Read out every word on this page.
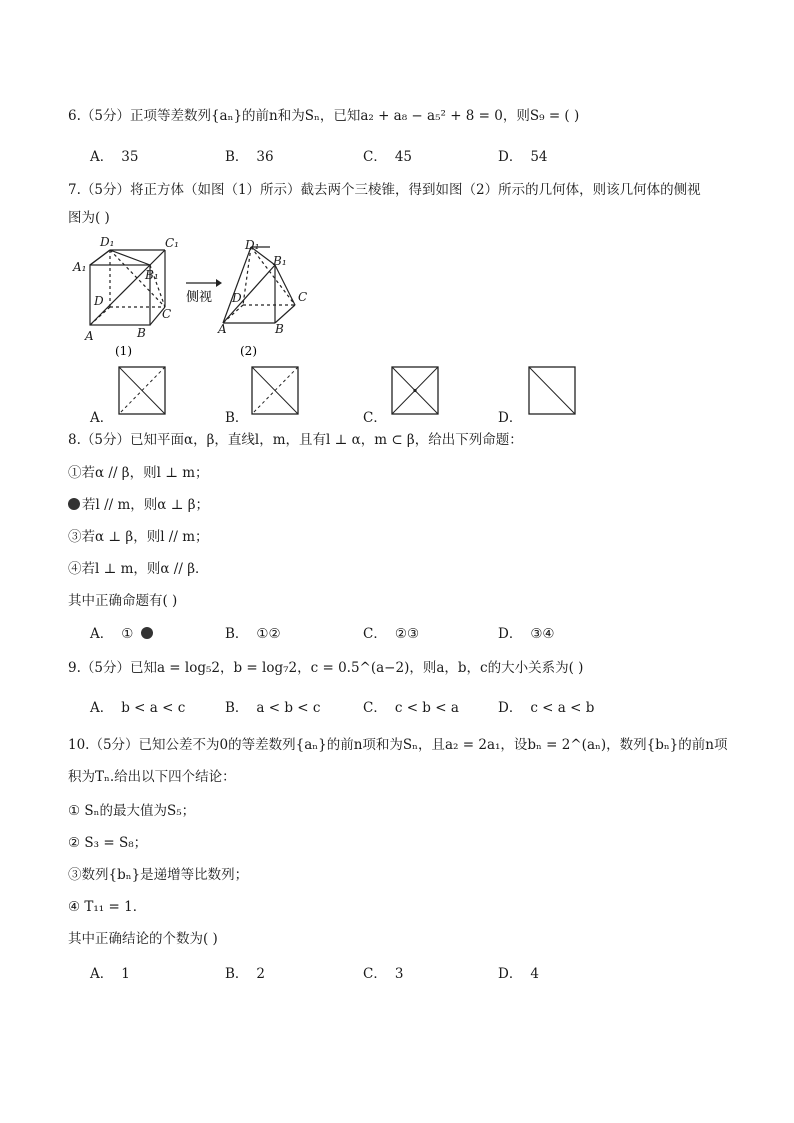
6.（5分）正项等差数列{aₙ}的前n和为Sₙ，已知a₂ + a₈ − a₅² + 8 = 0，则S₉ = ( )
A． 35	B． 36	C． 45	D． 54
7.（5分）将正方体（如图（1）所示）截去两个三棱锥，得到如图（2）所示的几何体，则该几何体的侧视
图为( )
D₁	C₁
A₁
B₁
D
C
A	B
(1)
侧视
D₁
B₁
D	C
A	B
(2)
A．	B．	C．	D．
8.（5分）已知平面α，β，直线l，m，且有l ⊥ α，m ⊂ β，给出下列命题：
①若α // β，则l ⊥ m；
若l // m，则α ⊥ β；
③若α ⊥ β，则l // m；
④若l ⊥ m，则α // β．
其中正确命题有( )
A． ①	B． ①②	C． ②③	D． ③④
9.（5分）已知a = log₅2，b = log₇2，c = 0.5^(a−2)，则a，b，c的大小关系为( )
A． b < a < c	B． a < b < c	C． c < b < a	D． c < a < b
10.（5分）已知公差不为0的等差数列{aₙ}的前n项和为Sₙ，且a₂ = 2a₁，设bₙ = 2^(aₙ)，数列{bₙ}的前n项
积为Tₙ.给出以下四个结论：
① Sₙ的最大值为S₅；
② S₃ = S₈；
③数列{bₙ}是递增等比数列；
④ T₁₁ = 1．
其中正确结论的个数为( )
A． 1	B． 2	C． 3	D． 4
